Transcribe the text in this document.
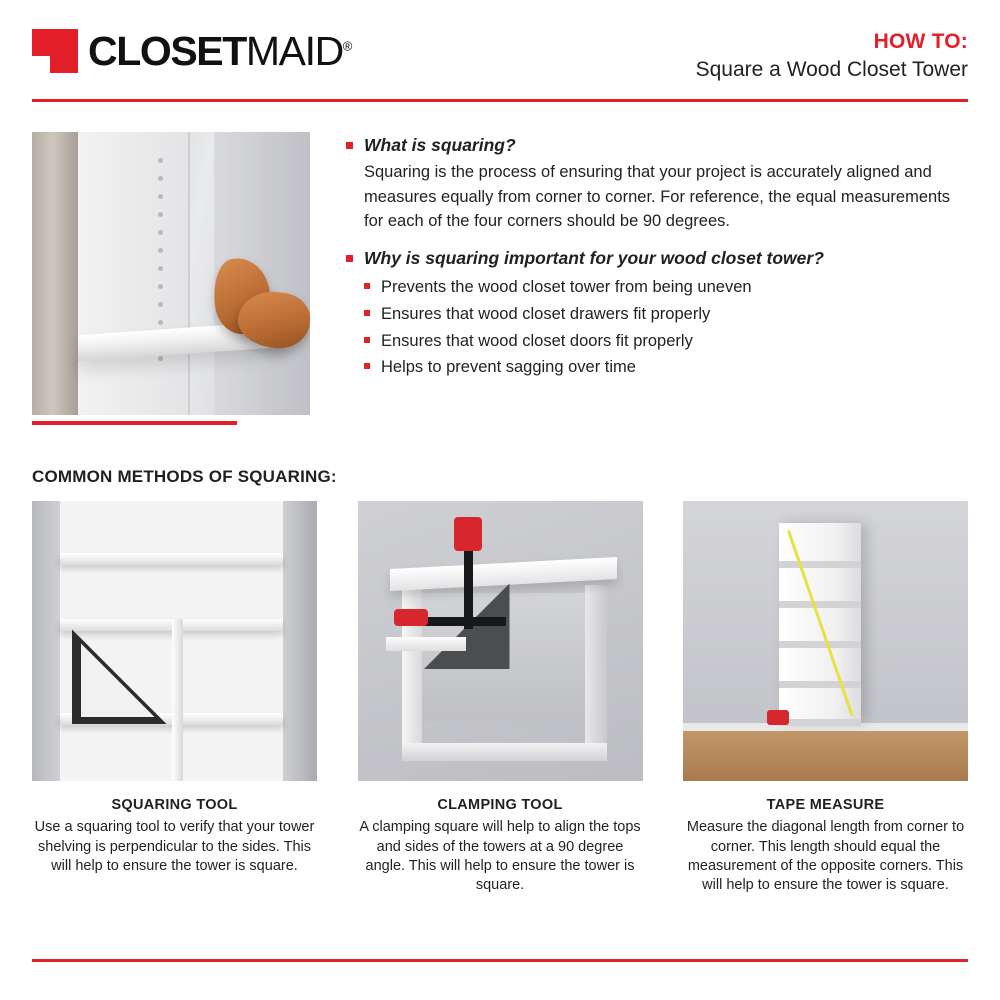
CLOSETMAID®	HOW TO:
Square a Wood Closet Tower
What is squaring?
Squaring is the process of ensuring that your project is accurately aligned and measures equally from corner to corner. For reference, the equal measurements for each of the four corners should be 90 degrees.
Why is squaring important for your wood closet tower?
Prevents the wood closet tower from being uneven
Ensures that wood closet drawers fit properly
Ensures that wood closet doors fit properly
Helps to prevent sagging over time
COMMON METHODS OF SQUARING:
SQUARING TOOL
Use a squaring tool to verify that your tower shelving is perpendicular to the sides. This will help to ensure the tower is square.
CLAMPING TOOL
A clamping square will help to align the tops and sides of the towers at a 90 degree angle. This will help to ensure the tower is square.
TAPE MEASURE
Measure the diagonal length from corner to corner. This length should equal the measurement of the opposite corners. This will help to ensure the tower is square.
